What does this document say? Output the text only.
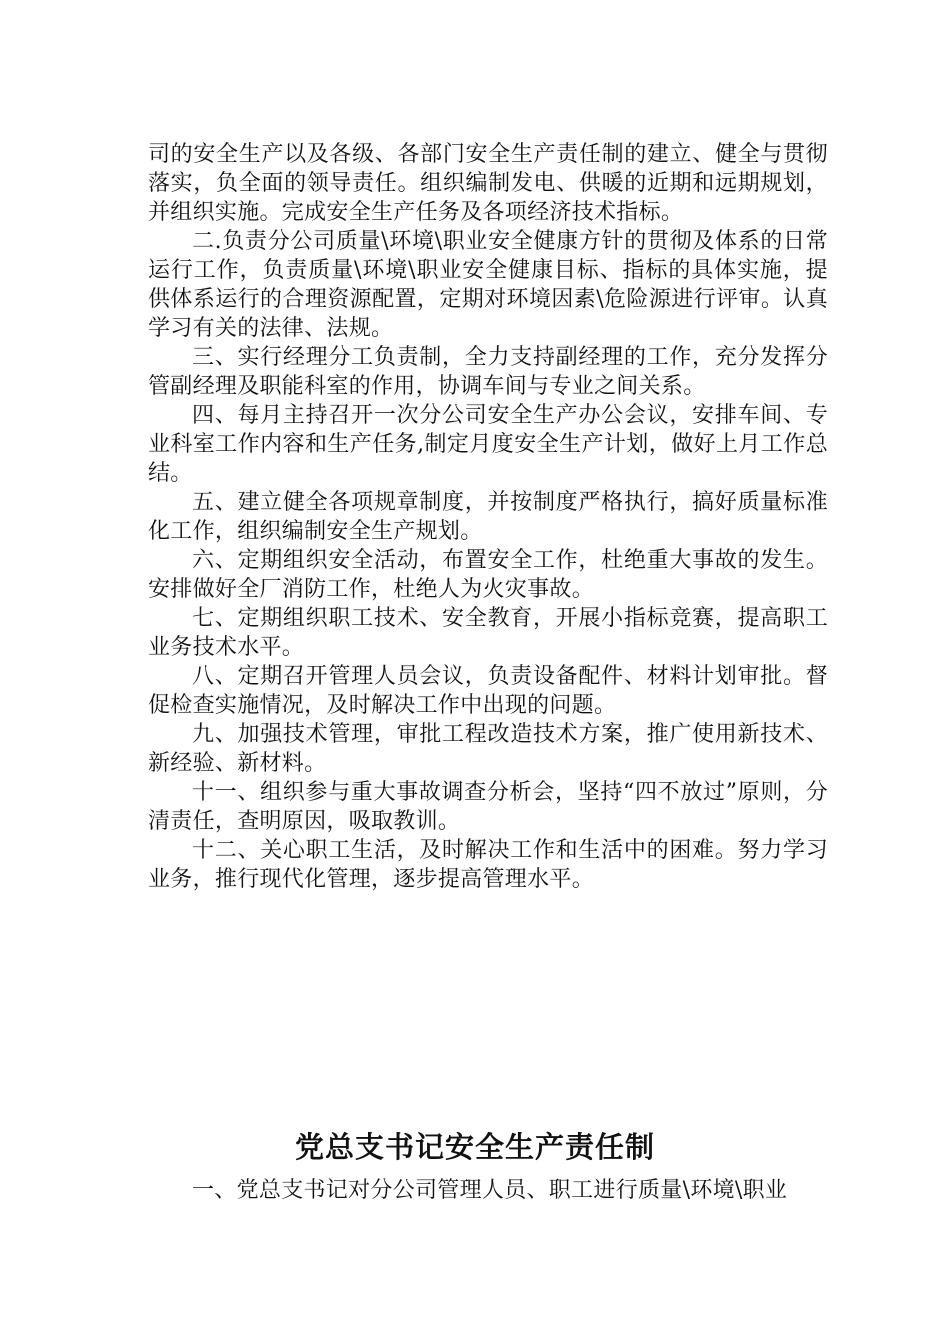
司的安全生产以及各级、各部门安全生产责任制的建立、健全与贯彻落实，负全面的领导责任。组织编制发电、供暖的近期和远期规划，并组织实施。完成安全生产任务及各项经济技术指标。

二.负责分公司质量\环境\职业安全健康方针的贯彻及体系的日常运行工作，负责质量\环境\职业安全健康目标、指标的具体实施，提供体系运行的合理资源配置，定期对环境因素\危险源进行评审。认真学习有关的法律、法规。

三、实行经理分工负责制，全力支持副经理的工作，充分发挥分管副经理及职能科室的作用，协调车间与专业之间关系。

四、每月主持召开一次分公司安全生产办公会议，安排车间、专业科室工作内容和生产任务,制定月度安全生产计划，做好上月工作总结。

五、建立健全各项规章制度，并按制度严格执行，搞好质量标准化工作，组织编制安全生产规划。

六、定期组织安全活动，布置安全工作，杜绝重大事故的发生。安排做好全厂消防工作，杜绝人为火灾事故。

七、定期组织职工技术、安全教育，开展小指标竞赛，提高职工业务技术水平。

八、定期召开管理人员会议，负责设备配件、材料计划审批。督促检查实施情况，及时解决工作中出现的问题。

九、加强技术管理，审批工程改造技术方案，推广使用新技术、新经验、新材料。

十一、组织参与重大事故调查分析会，坚持“四不放过”原则，分清责任，查明原因，吸取教训。

十二、关心职工生活，及时解决工作和生活中的困难。努力学习业务，推行现代化管理，逐步提高管理水平。

党总支书记安全生产责任制

一、党总支书记对分公司管理人员、职工进行质量\环境\职业
